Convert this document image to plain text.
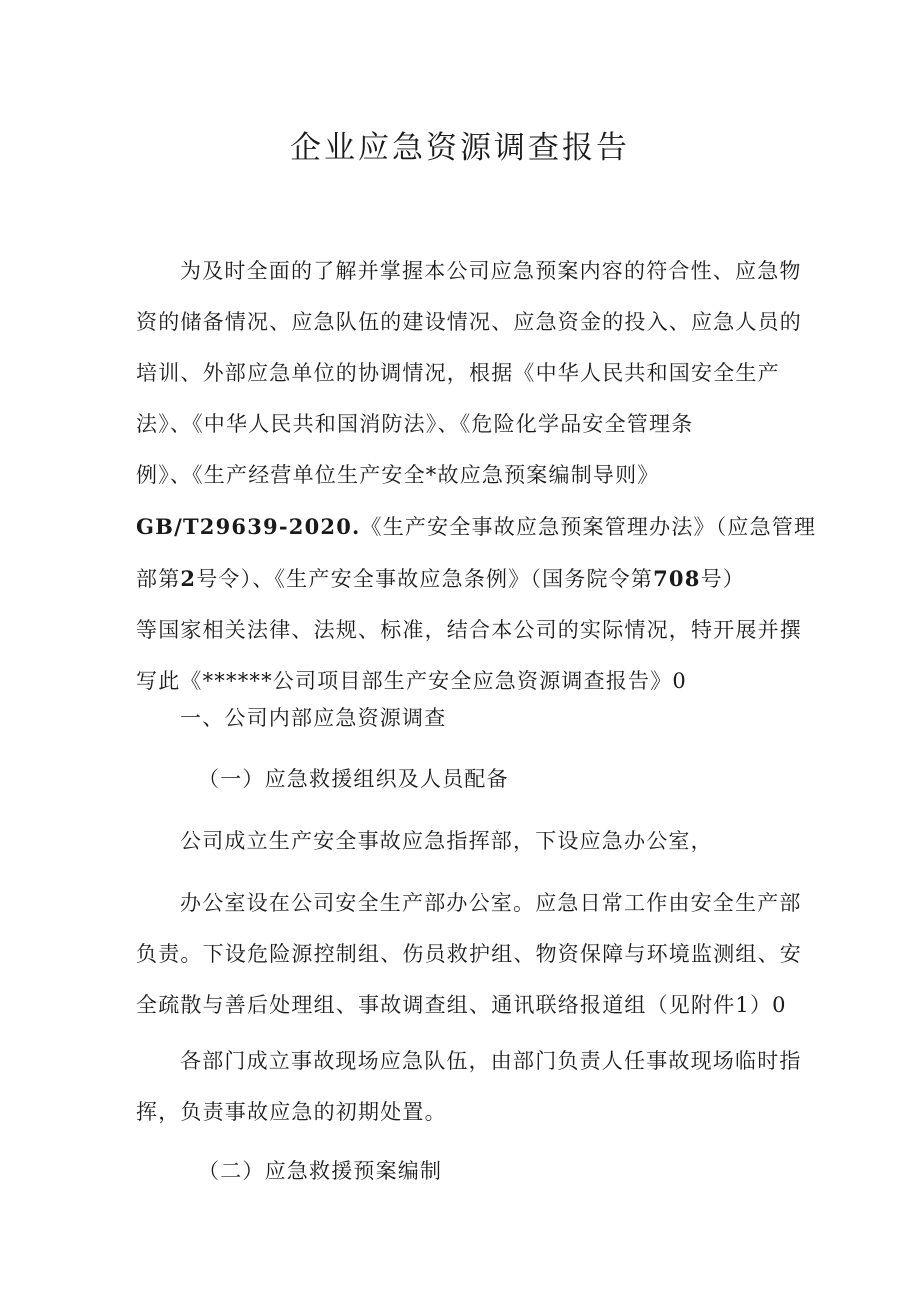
企业应急资源调查报告
为及时全面的了解并掌握本公司应急预案内容的符合性、应急物
资的储备情况、应急队伍的建设情况、应急资金的投入、应急人员的
培训、外部应急单位的协调情况，根据《中华人民共和国安全生产
法》、《中华人民共和国消防法》、《危险化学品安全管理条
例》、《生产经营单位生产安全*故应急预案编制导则》
GB/T29639-2020.《生产安全事故应急预案管理办法》（应急管理
部第2号令）、《生产安全事故应急条例》（国务院令第708号）
等国家相关法律、法规、标准，结合本公司的实际情况，特开展并撰
写此《******公司项目部生产安全应急资源调查报告》0
一、公司内部应急资源调查
（一）应急救援组织及人员配备
公司成立生产安全事故应急指挥部，下设应急办公室，
办公室设在公司安全生产部办公室。应急日常工作由安全生产部
负责。下设危险源控制组、伤员救护组、物资保障与环境监测组、安
全疏散与善后处理组、事故调查组、通讯联络报道组（见附件1）0
各部门成立事故现场应急队伍，由部门负责人任事故现场临时指
挥，负责事故应急的初期处置。
（二）应急救援预案编制
